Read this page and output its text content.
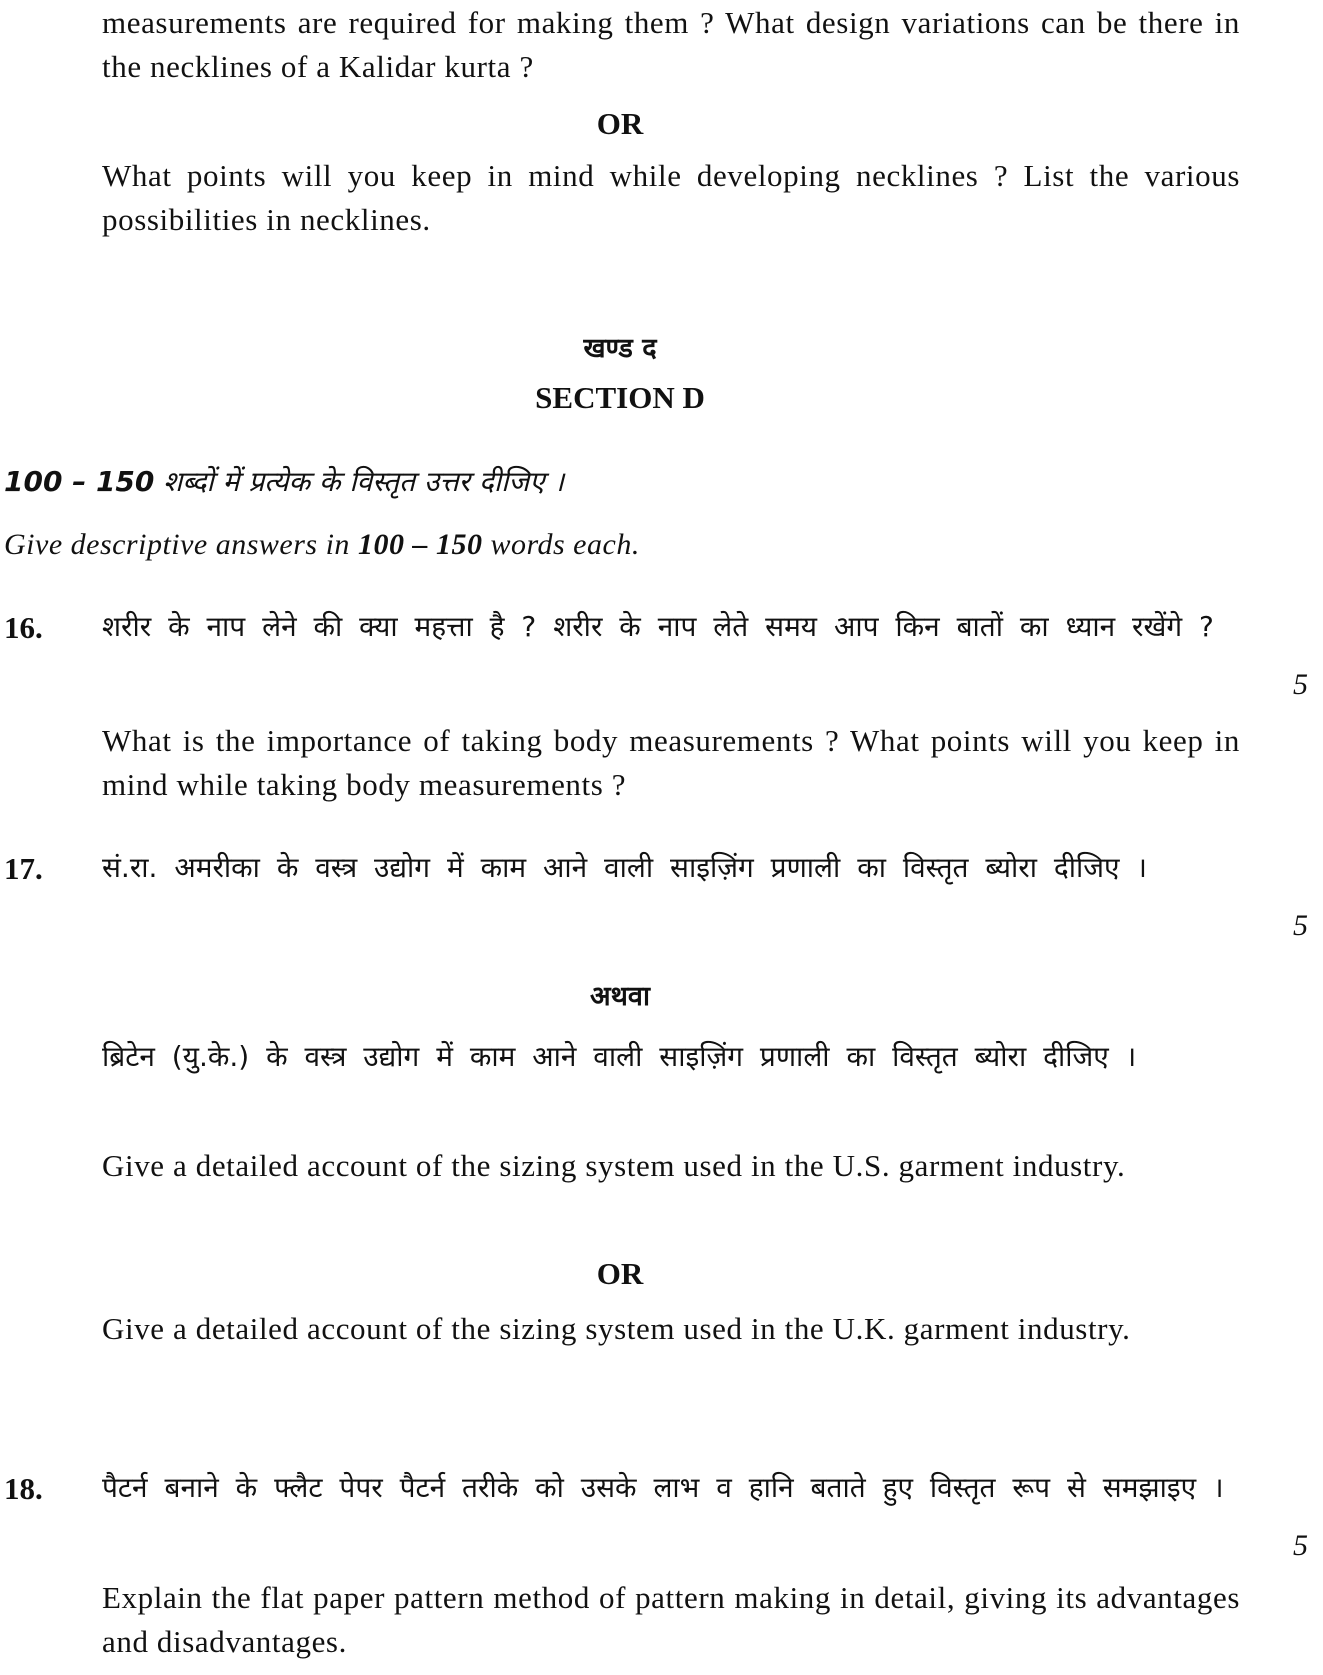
measurements are required for making them ? What design variations can be there in the necklines of a Kalidar kurta ?
OR
What points will you keep in mind while developing necklines ? List the various possibilities in necklines.
खण्ड द
SECTION D
100 – 150 शब्दों में प्रत्येक के विस्तृत उत्तर दीजिए ।
Give descriptive answers in 100 – 150 words each.
16. शरीर के नाप लेने की क्या महत्ता है ? शरीर के नाप लेते समय आप किन बातों का ध्यान रखेंगे ?
5
What is the importance of taking body measurements ? What points will you keep in mind while taking body measurements ?
17. सं.रा. अमरीका के वस्त्र उद्योग में काम आने वाली साइज़िंग प्रणाली का विस्तृत ब्योरा दीजिए ।
5
अथवा
ब्रिटेन (यु.के.) के वस्त्र उद्योग में काम आने वाली साइज़िंग प्रणाली का विस्तृत ब्योरा दीजिए ।
Give a detailed account of the sizing system used in the U.S. garment industry.
OR
Give a detailed account of the sizing system used in the U.K. garment industry.
18. पैटर्न बनाने के फ्लैट पेपर पैटर्न तरीके को उसके लाभ व हानि बताते हुए विस्तृत रूप से समझाइए ।
5
Explain the flat paper pattern method of pattern making in detail, giving its advantages and disadvantages.
